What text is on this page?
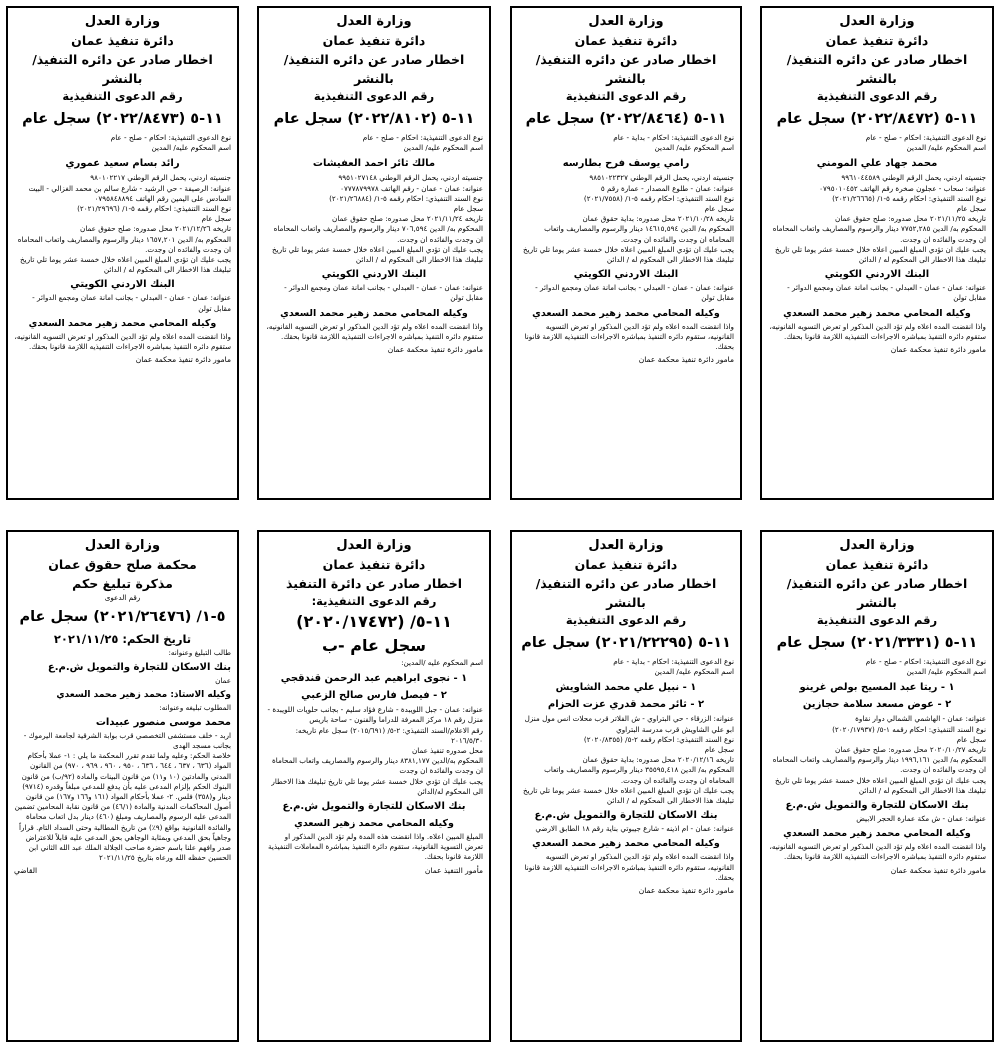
وزارة العدل
دائرة تنفيذ عمان
اخطار صادر عن دائره التنفيذ/ بالنشر
رقم الدعوى التنفيذية
١١-٥ (٢٠٢٢/٨٤٧٣) سجل عام
نوع الدعوى التنفيذية: احكام - صلح - عام
اسم المحكوم عليه/ المدين
رائد بسام سعيد عموري
جنسيته اردني، يحمل الرقم الوطني ٩٨٠١٠٢٢١٧
عنوانه: الرصيفة - حي الرشيد - شارع سالم بن محمد الغزالي - البيت السادس على اليمين رقم الهاتف ٠٧٩٥٨٤٨٨٩٤
نوع السند التنفيذي: احكام رقمه ٥-١/ (٢٠٢١/٢٩٦٩٦)
سجل عام
تاريخه ٢٠٢١/١٢/٢٦ محل صدوره: صلح حقوق عمان
المحكوم به/ الدين ١٦٥٧,٢٠١ دينار والرسوم والمصاريف واتعاب المحاماه ان وجدت والفائده ان وجدت.
يجب عليك ان تؤدي المبلغ المبين اعلاه خلال خمسة عشر يوما تلي تاريخ تبليغك هذا الاخطار الى المحكوم له / الدائن
البنك الاردني الكويتي
عنوانه: عمان - عمان - العبدلي - بجانب امانة عمان ومجمع الدوائر - مقابل تولن
وكيله المحامي محمد زهير محمد السعدي
واذا انقضت المده اعلاه ولم تؤد الدين المذكور او تعرض التسويه القانونيه، ستقوم دائره التنفيذ بمباشره الاجراءات التنفيذيه اللازمة قانونا بحقك.
مامور دائرة تنفيذ محكمة عمان
وزارة العدل
دائرة تنفيذ عمان
اخطار صادر عن دائره التنفيذ/ بالنشر
رقم الدعوى التنفيذية
١١-٥ (٢٠٢٢/٨١٠٢) سجل عام
نوع الدعوى التنفيذية: احكام - صلح - عام
اسم المحكوم عليه/ المدين
مالك ثائر احمد العفيشات
جنسيته اردني، يحمل الرقم الوطني ٩٩٥١٠٢٧١٤٨
عنوانه: عمان - عمان - رقم الهاتف ٠٧٧٧٨٧٩٩٧٨
نوع السند التنفيذي: احكام رقمه ٥-١/ (٢٠٢١/٢٦٨٨٤)
سجل عام
تاريخه ٢٠٢١/١١/٢٤ محل صدوره: صلح حقوق عمان
المحكوم به/ الدين ٧٠٦,٥٩٤ دينار والرسوم والمصاريف واتعاب المحاماه ان وجدت والفائده ان وجدت.
يجب عليك ان تؤدي المبلغ المبين اعلاه خلال خمسة عشر يوما تلي تاريخ تبليغك هذا الاخطار الى المحكوم له / الدائن
البنك الاردني الكويتي
عنوانه: عمان - عمان - العبدلي - بجانب امانة عمان ومجمع الدوائر - مقابل تولن
وكيله المحامي محمد زهير محمد السعدي
واذا انقضت المده اعلاه ولم تؤد الدين المذكور او تعرض التسويه القانونيه، ستقوم دائره التنفيذ بمباشره الاجراءات التنفيذيه اللازمة قانونا بحقك.
مامور دائرة تنفيذ محكمة عمان
وزارة العدل
دائرة تنفيذ عمان
اخطار صادر عن دائره التنفيذ/ بالنشر
رقم الدعوى التنفيذية
١١-٥ (٢٠٢٢/٨٤٦٤) سجل عام
نوع الدعوى التنفيذية: احكام - بداية - عام
اسم المحكوم عليه/ المدين
رامي يوسف فرح بطارسه
جنسيته اردني، يحمل الرقم الوطني ٩٨٥١٠٢٢٣٢٧
عنوانه: عمان - طلوع المصدار - عمارة رقم ٥
نوع السند التنفيذي: احكام رقمه ٥-١/ (٢٠٢١/٧٥٥٨)
سجل عام
تاريخه ٢٠٢١/١٠/٢٨ محل صدوره: بداية حقوق عمان
المحكوم به/ الدين ١٤٦١٥,٥٩٤ دينار والرسوم والمصاريف واتعاب المحاماه ان وجدت والفائده ان وجدت.
يجب عليك ان تؤدي المبلغ المبين اعلاه خلال خمسة عشر يوما تلي تاريخ تبليغك هذا الاخطار الى المحكوم له / الدائن
البنك الاردني الكويتي
عنوانه: عمان - عمان - العبدلي - بجانب امانة عمان ومجمع الدوائر - مقابل تولن
وكيله المحامي محمد زهير محمد السعدي
واذا انقضت المده اعلاه ولم تؤد الدين المذكور او تعرض التسويه القانونيه، ستقوم دائره التنفيذ بمباشره الاجراءات التنفيذيه اللازمة قانونا بحقك.
مامور دائرة تنفيذ محكمة عمان
وزارة العدل
دائرة تنفيذ عمان
اخطار صادر عن دائره التنفيذ/ بالنشر
رقم الدعوى التنفيذية
١١-٥ (٢٠٢٢/٨٤٧٢) سجل عام
نوع الدعوى التنفيذية: احكام - صلح - عام
اسم المحكوم عليه/ المدين
محمد جهاد علي المومني
جنسيته اردني، يحمل الرقم الوطني ٩٩٦١٠٤٤٥٨٩
عنوانه: سحاب - عجلون صخرة رقم الهاتف ٠٧٩٥٠١٠٤٥٢
نوع السند التنفيذي: احكام رقمه ٥-١/ (٢٠٢١/٢٦٦٦٥)
سجل عام
تاريخه ٢٠٢١/١١/٢٥ محل صدوره: صلح حقوق عمان
المحكوم به/ الدين ٧٧٥٢,٢٨٥ دينار والرسوم والمصاريف واتعاب المحاماه ان وجدت والفائده ان وجدت.
يجب عليك ان تؤدي المبلغ المبين اعلاه خلال خمسة عشر يوما تلي تاريخ تبليغك هذا الاخطار الى المحكوم له / الدائن
البنك الاردني الكويتي
عنوانه: عمان - عمان - العبدلي - بجانب امانة عمان ومجمع الدوائر - مقابل تولن
وكيله المحامي محمد زهير محمد السعدي
واذا انقضت المده اعلاه ولم تؤد الدين المذكور او تعرض التسويه القانونيه، ستقوم دائره التنفيذ بمباشره الاجراءات التنفيذيه اللازمة قانونا بحقك.
مامور دائرة تنفيذ محكمة عمان
وزارة العدل
محكمة صلح حقوق عمان
مذكرة تبليغ حكم
رقم الدعوى
٥-١/ (٢٠٢١/٢٦٤٧٦) سجل عام
تاريخ الحكم: ٢٠٢١/١١/٢٥
طالب التبليغ وعنوانه:
بنك الاسكان للتجارة والتمويل ش.م.ع
عمان
وكيله الاستاذ: محمد زهير محمد السعدي
المطلوب تبليغه وعنوانه:
محمد موسى منصور عبيدات
اربد - خلف مستشفى التخصصي قرب بوابة الشرقية لجامعة اليرموك - بجانب مسجد الهدى
خلاصة الحكم: وعليه ولما تقدم تقرر المحكمة ما يلي : ١- عملا بأحكام المواد (٦٣٦ ، ٦٣٧ ، ٦٤٤ ، ٦٣٦ ، ٩٥٠ ، ٩٦٠ ، ٩٦٩ ، ٩٧٠) من القانون المدني والمادتين (١٠ و١١) من قانون البينات والمادة (٩٢/ب) من قانون البنوك الحكم بإلزام المدعى عليه بأن يدفع للمدعي مبلغاً وقدره (٩٧١٤) دينار و(٣٥٨) فلس. ٢- عملا بأحكام المواد (١٦١ و١٦٦ و١٦٧) من قانون أصول المحاكمات المدنية والمادة (٤٦/١) من قانون نقابة المحامين تضمين المدعى عليه الرسوم والمصاريف ومبلغ (٤٦٠) دينار بدل اتعاب محاماة والفائدة القانونية بواقع (٩٪) من تاريخ المطالبة وحتى السداد التام. قراراً وجاهياً بحق المدعي وبمثابة الوجاهي بحق المدعى عليه قابلاً للاعتراض صدر وافهم علنا باسم حضرة صاحب الجلالة الملك عبد الله الثاني ابن الحسين حفظه الله ورعاه بتاريخ ٢٠٢١/١١/٢٥
القاضي
وزارة العدل
دائرة تنفيذ عمان
اخطار صادر عن دائرة التنفيذ
رقم الدعوى التنفيذية:
١١-٥/ (٢٠٢٠/١٧٤٧٢)
سجل عام -ب
اسم المحكوم عليه /المدين:
١ - نجوى ابراهيم عبد الرحمن قندقجي
٢ - فيصل فارس صالح الزعبي
عنوانه: عمان - جبل اللويبدة - شارع فؤاد سليم - بجانب حلويات اللويبدة - منزل رقم ١٨ مركز المعرفة للدراما والفنون - ساحة باريس
رقم الاعلام/السند التنفيذي: ٢-٥/ (٢٠١٥/٦٩١) سجل عام تاريخه: ٢٠١٦/٥/٣٠
محل صدوره تنفيذ عمان
المحكوم به/الدين ٨٣٨١,١٧٧ دينار والرسوم والمصاريف واتعاب المحاماة ان وجدت والفائدة ان وجدت
يجب عليك ان تؤدي خلال خمسة عشر يوما تلي تاريخ تبليغك هذا الاخطار الى المحكوم له/الدائن
بنك الاسكان للتجارة والتمويل ش.م.ع
وكيله المحامي محمد زهير السعدي
المبلغ المبين اعلاه. واذا انقضت هذه المدة ولم تؤد الدين المذكور او تعرض التسوية القانونية، ستقوم دائرة التنفيذ بمباشرة المعاملات التنفيذية اللازمة قانونا بحقك.
مأمور التنفيذ عمان
وزارة العدل
دائرة تنفيذ عمان
اخطار صادر عن دائره التنفيذ/ بالنشر
رقم الدعوى التنفيذية
١١-٥ (٢٠٢١/٢٢٢٩٥) سجل عام
نوع الدعوى التنفيذية: احكام - بداية - عام
اسم المحكوم عليه/ المدين
١ - نبيل علي محمد الشاويش
٢ - ثائر محمد قدري عزت الحزام
عنوانه: الزرقاء - حي البتراوي - ش الفلاتر قرب محلات انس مول منزل ابو علي الشاويش قرب مدرسة البتراوي
نوع السند التنفيذي: احكام رقمه ٢-٥/ (٢٠٢٠/٨٣٥٥)
سجل عام
تاريخه ٢٠٢٠/١٢/١٦ محل صدوره: بداية حقوق عمان
المحكوم به/ الدين ٣٥٥٩٥,٤١٨ دينار والرسوم والمصاريف واتعاب المحاماه ان وجدت والفائده ان وجدت.
يجب عليك ان تؤدي المبلغ المبين اعلاه خلال خمسة عشر يوما تلي تاريخ تبليغك هذا الاخطار الى المحكوم له / الدائن
بنك الاسكان للتجارة والتمويل ش.م.ع
عنوانه: عمان - ام اذينه - شارع جيبوتي بناية رقم ١٨ الطابق الارضي
وكيله المحامي محمد زهير محمد السعدي
واذا انقضت المده اعلاه ولم تؤد الدين المذكور او تعرض التسويه القانونيه، ستقوم دائره التنفيذ بمباشره الاجراءات التنفيذيه اللازمة قانونا بحقك.
مامور دائرة تنفيذ محكمة عمان
وزارة العدل
دائرة تنفيذ عمان
اخطار صادر عن دائره التنفيذ/ بالنشر
رقم الدعوى التنفيذية
١١-٥ (٢٠٢١/٣٣٣١) سجل عام
نوع الدعوى التنفيذية: احكام - صلح - عام
اسم المحكوم عليه/ المدين
١ - ريتا عبد المسيح بولص غرينو
٢ - عوض مسعد سلامة حجازين
عنوانه: عمان - الهاشمي الشمالي دوار نقاوة
نوع السند التنفيذي: احكام رقمه ١-٥/ (٢٠٢٠/١٧٩٣٧)
سجل عام
تاريخه ٢٠٢٠/١٠/٢٧ محل صدوره: صلح حقوق عمان
المحكوم به/ الدين ١٩٩٦,١٦١ دينار والرسوم والمصاريف واتعاب المحاماه ان وجدت والفائده ان وجدت.
يجب عليك ان تؤدي المبلغ المبين اعلاه خلال خمسة عشر يوما تلي تاريخ تبليغك هذا الاخطار الى المحكوم له / الدائن
بنك الاسكان للتجارة والتمويل ش.م.ع
عنوانه: عمان - ش مكة عمارة الحجر الابيض
وكيله المحامي محمد زهير محمد السعدي
واذا انقضت المده اعلاه ولم تؤد الدين المذكور او تعرض التسويه القانونيه، ستقوم دائره التنفيذ بمباشره الاجراءات التنفيذيه اللازمة قانونا بحقك.
مامور دائرة تنفيذ محكمة عمان
